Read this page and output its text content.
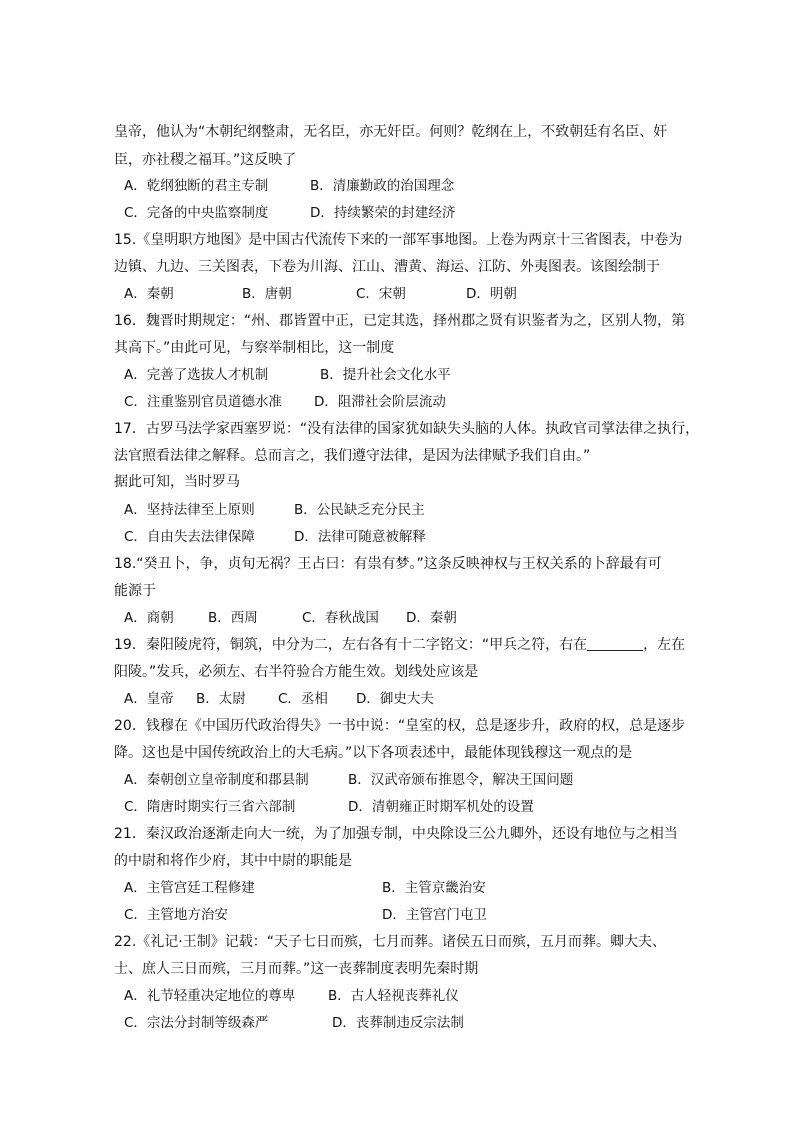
皇帝，他认为“木朝纪纲整肃，无名臣，亦无奸臣。何则？乾纲在上，不致朝廷有名臣、奸
臣，亦社稷之福耳。”这反映了
A．乾纲独断的君主专制	B．清廉勤政的治国理念
C．完备的中央监察制度	D．持续繁荣的封建经济
15.《皇明职方地图》是中国古代流传下来的一部军事地图。上卷为两京十三省图表，中卷为
边镇、九边、三关图表，下卷为川海、江山、漕黄、海运、江防、外夷图表。该图绘制于
A．秦朝	B．唐朝	C．宋朝	D．明朝
16．魏晋时期规定：“州、郡皆置中正，已定其选，择州郡之贤有识鉴者为之，区别人物，第
其高下。”由此可见，与察举制相比，这一制度
A．完善了选拔人才机制	B．提升社会文化水平
C．注重鉴别官员道德水准 D．阻滞社会阶层流动
17．古罗马法学家西塞罗说：“没有法律的国家犹如缺失头脑的人体。执政官司掌法律之执行，
法官照看法律之解释。总而言之，我们遵守法律，是因为法律赋予我们自由。”
据此可知，当时罗马
A．坚持法律至上原则	B．公民缺乏充分民主
C．自由失去法律保障	D．法律可随意被解释
18.“癸丑卜，争，贞旬无祸？王占曰：有祟有梦。”这条反映神权与王权关系的卜辞最有可
能源于
A．商朝	B．西周	C．春秋战国 D．秦朝
19．秦阳陵虎符，铜筑，中分为二，左右各有十二字铭文：“甲兵之符，右在	，左在
阳陵。”发兵，必须左、右半符验合方能生效。划线处应该是
A．皇帝 B．太尉 C．丞相 D．御史大夫
20．钱穆在《中国历代政治得失》一书中说：“皇室的权，总是逐步升，政府的权，总是逐步
降。这也是中国传统政治上的大毛病。”以下各项表述中，最能体现钱穆这一观点的是
A．秦朝创立皇帝制度和郡县制	B．汉武帝颁布推恩令，解决王国问题
C．隋唐时期实行三省六部制	D．清朝雍正时期军机处的设置
21．秦汉政治逐渐走向大一统，为了加强专制，中央除设三公九卿外，还设有地位与之相当
的中尉和将作少府，其中中尉的职能是
A．主管宫廷工程修建	B．主管京畿治安
C．主管地方治安	D．主管宫门屯卫
22.《礼记·王制》记载：“天子七日而殡，七月而葬。诸侯五日而殡，五月而葬。卿大夫、
士、庶人三日而殡，三月而葬。”这一丧葬制度表明先秦时期
A．礼节轻重决定地位的尊卑 B．古人轻视丧葬礼仪
C．宗法分封制等级森严	D．丧葬制违反宗法制
